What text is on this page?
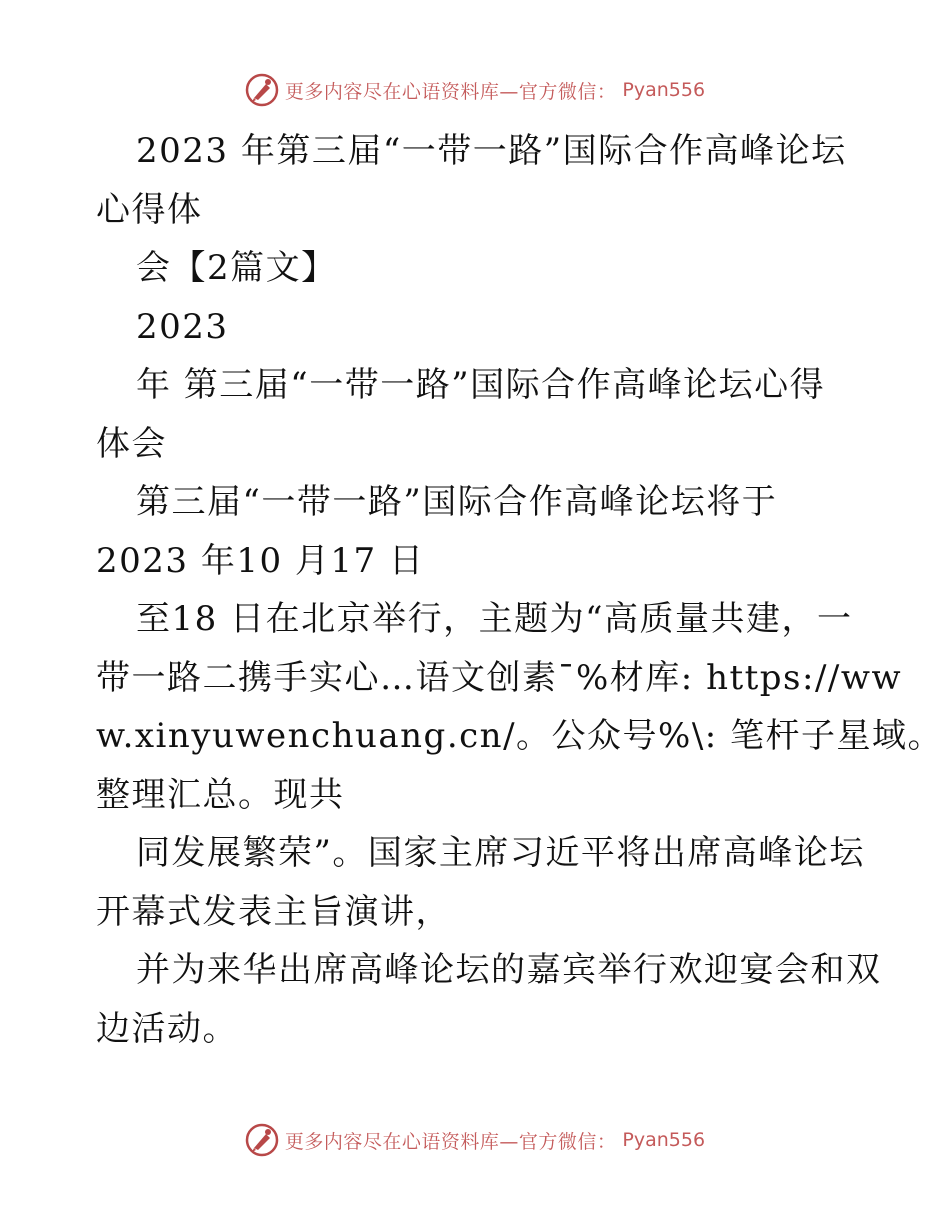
更多内容尽在心语资料库—官方微信： Pyan556
2023 年第三届“一带一路”国际合作高峰论坛
心得体
会【2篇文】
2023
年 第三届“一带一路”国际合作高峰论坛心得
体会
第三届“一带一路”国际合作高峰论坛将于
2023 年10 月17 日
至18 日在北京举行，主题为“高质量共建，一
带一路二携手实心…语文创素¯%材库: https://ww
w.xinyuwenchuang.cn/。公众号%\: 笔杆子星域。
整理汇总。现共
同发展繁荣”。国家主席习近平将出席高峰论坛
开幕式发表主旨演讲，
并为来华出席高峰论坛的嘉宾举行欢迎宴会和双
边活动。
更多内容尽在心语资料库—官方微信： Pyan556
